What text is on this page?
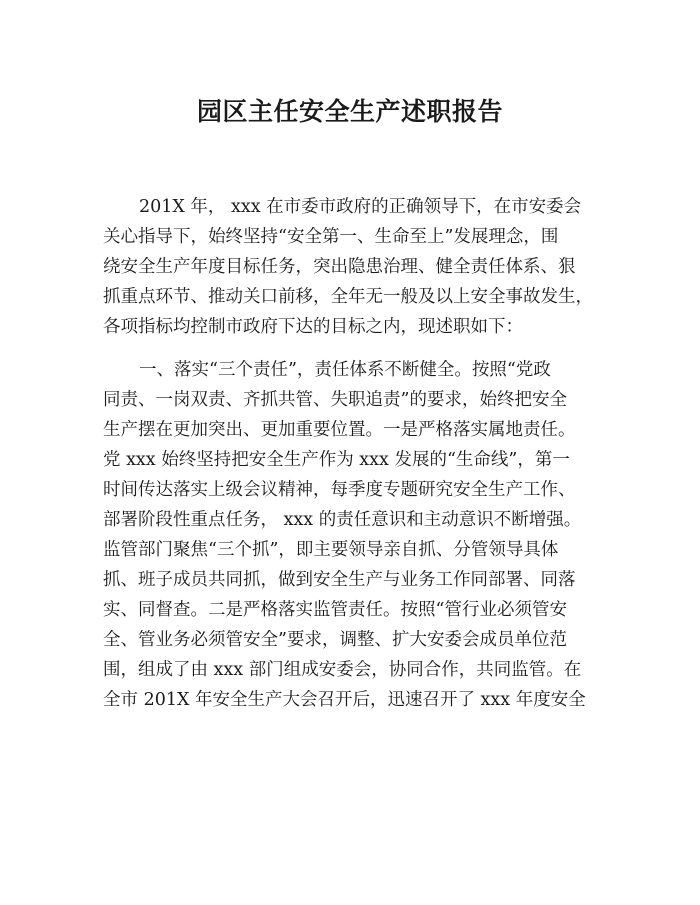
园区主任安全生产述职报告
201X 年， xxx 在市委市政府的正确领导下，在市安委会
关心指导下，始终坚持“安全第一、生命至上”发展理念，围
绕安全生产年度目标任务，突出隐患治理、健全责任体系、狠
抓重点环节、推动关口前移，全年无一般及以上安全事故发生，
各项指标均控制市政府下达的目标之内，现述职如下：
一、落实“三个责任”，责任体系不断健全。按照“党政
同责、一岗双责、齐抓共管、失职追责”的要求，始终把安全
生产摆在更加突出、更加重要位置。一是严格落实属地责任。
党 xxx 始终坚持把安全生产作为 xxx 发展的“生命线”，第一
时间传达落实上级会议精神，每季度专题研究安全生产工作、
部署阶段性重点任务， xxx 的责任意识和主动意识不断增强。
监管部门聚焦“三个抓”，即主要领导亲自抓、分管领导具体
抓、班子成员共同抓，做到安全生产与业务工作同部署、同落
实、同督查。二是严格落实监管责任。按照“管行业必须管安
全、管业务必须管安全”要求，调整、扩大安委会成员单位范
围，组成了由 xxx 部门组成安委会，协同合作，共同监管。在
全市 201X 年安全生产大会召开后，迅速召开了 xxx 年度安全
